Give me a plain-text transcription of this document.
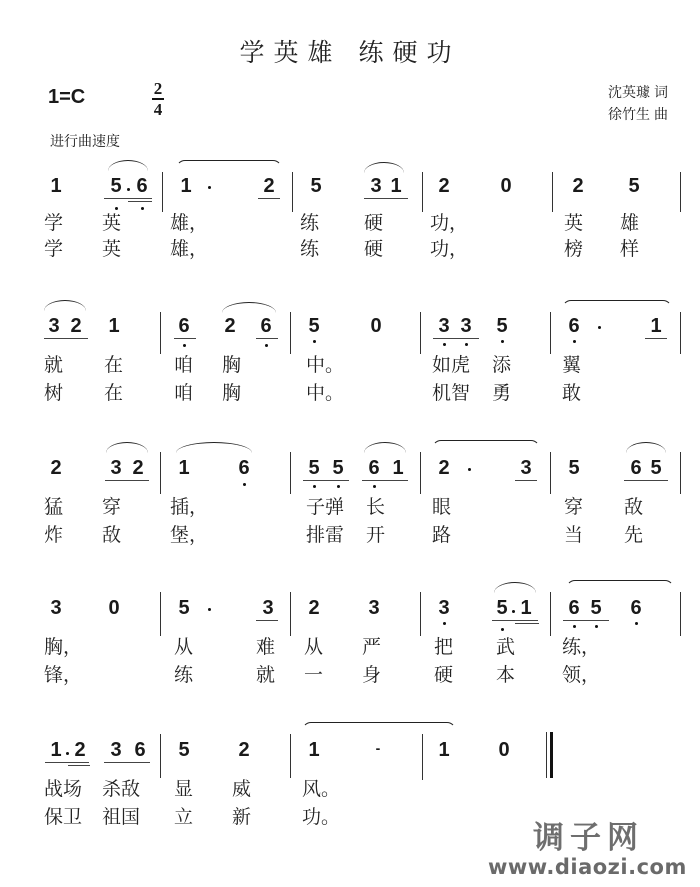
学英雄 练硬功
1=C	2
4
沈英璩 词
徐竹生 曲
进行曲速度
1 5 6 1	2 5 3 1 2	0	2 5
学 英	雄，	练 硬 功，	英 雄
学 英	雄，	练 硬 功，	榜 样
3 2 1	6 2 6 5	0	3 3 5	6	1
就 在	咱 胸	中。	如虎 添	翼
树 在	咱 胸	中。	机智 勇	敢
2 3 2 1 6	5 5 6 1 2	3 5	6 5
猛 穿	插，	子弹 长 眼	穿 敌
炸 敌	堡，	排雷 开 路	当 先
3 0	5	3 2 3	3 5 1 6 5 6
胸，	从	难 从 严	把 武 练，
锋，	练	就 一 身	硬 本 领，
1 2 3 6 5 2	1	-	1 0
战场 杀敌 显 威	风。
保卫 祖国 立 新	功。
调子网
www.diaozi.com
